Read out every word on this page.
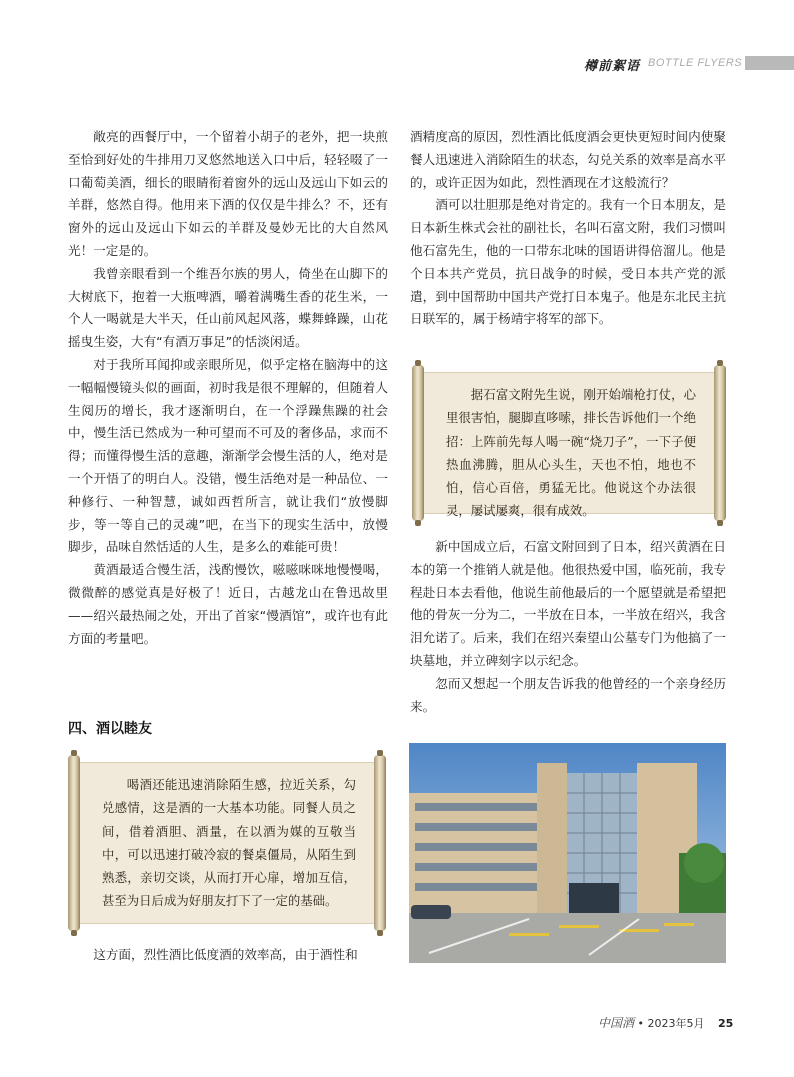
樽前絮语 BOTTLE FLYERS

敞亮的西餐厅中，一个留着小胡子的老外，把一块煎至恰到好处的牛排用刀叉悠然地送入口中后，轻轻啜了一口葡萄美酒，细长的眼睛衔着窗外的远山及远山下如云的羊群，悠然自得。他用来下酒的仅仅是牛排么？不，还有窗外的远山及远山下如云的羊群及曼妙无比的大自然风光！一定是的。

我曾亲眼看到一个维吾尔族的男人，倚坐在山脚下的大树底下，抱着一大瓶啤酒，嚼着满嘴生香的花生米，一个人一喝就是大半天，任山前风起风落，蝶舞蜂躁，山花摇曳生姿，大有“有酒万事足”的恬淡闲适。

对于我所耳闻抑或亲眼所见，似乎定格在脑海中的这一幅幅慢镜头似的画面，初时我是很不理解的，但随着人生阅历的增长，我才逐渐明白，在一个浮躁焦躁的社会中，慢生活已然成为一种可望而不可及的奢侈品，求而不得；而懂得慢生活的意趣，渐渐学会慢生活的人，绝对是一个开悟了的明白人。没错，慢生活绝对是一种品位、一种修行、一种智慧，诚如西哲所言，就让我们“放慢脚步，等一等自己的灵魂”吧，在当下的现实生活中，放慢脚步，品味自然恬适的人生，是多么的难能可贵！

黄酒最适合慢生活，浅酌慢饮，嗞嗞咪咪地慢慢喝，微微醉的感觉真是好极了！近日，古越龙山在鲁迅故里——绍兴最热闹之处，开出了首家“慢酒馆”，或许也有此方面的考量吧。

四、酒以睦友
喝酒还能迅速消除陌生感，拉近关系，勾兑感情，这是酒的一大基本功能。同餐人员之间，借着酒胆、酒量，在以酒为媒的互敬当中，可以迅速打破冷寂的餐桌僵局，从陌生到熟悉，亲切交谈，从而打开心扉，增加互信，甚至为日后成为好朋友打下了一定的基础。

这方面，烈性酒比低度酒的效率高，由于酒性和

酒精度高的原因，烈性酒比低度酒会更快更短时间内使聚餐人迅速进入消除陌生的状态，勾兑关系的效率是高水平的，或许正因为如此，烈性酒现在才这般流行？

酒可以壮胆那是绝对肯定的。我有一个日本朋友，是日本新生株式会社的副社长，名叫石富文附，我们习惯叫他石富先生，他的一口带东北味的国语讲得倍溜儿。他是个日本共产党员，抗日战争的时候，受日本共产党的派遣，到中国帮助中国共产党打日本鬼子。他是东北民主抗日联军的，属于杨靖宇将军的部下。

据石富文附先生说，刚开始端枪打仗，心里很害怕，腿脚直哆嗦，排长告诉他们一个绝招：上阵前先每人喝一碗“烧刀子”，一下子便热血沸腾，胆从心头生，天也不怕，地也不怕，信心百倍，勇猛无比。他说这个办法很灵，屡试屡爽，很有成效。

新中国成立后，石富文附回到了日本，绍兴黄酒在日本的第一个推销人就是他。他很热爱中国，临死前，我专程赴日本去看他，他说生前他最后的一个愿望就是希望把他的骨灰一分为二，一半放在日本，一半放在绍兴，我含泪允诺了。后来，我们在绍兴秦望山公墓专门为他搞了一块墓地，并立碑刻字以示纪念。

忽而又想起一个朋友告诉我的他曾经的一个亲身经历来。

中国酒 • 2023年5月 25
